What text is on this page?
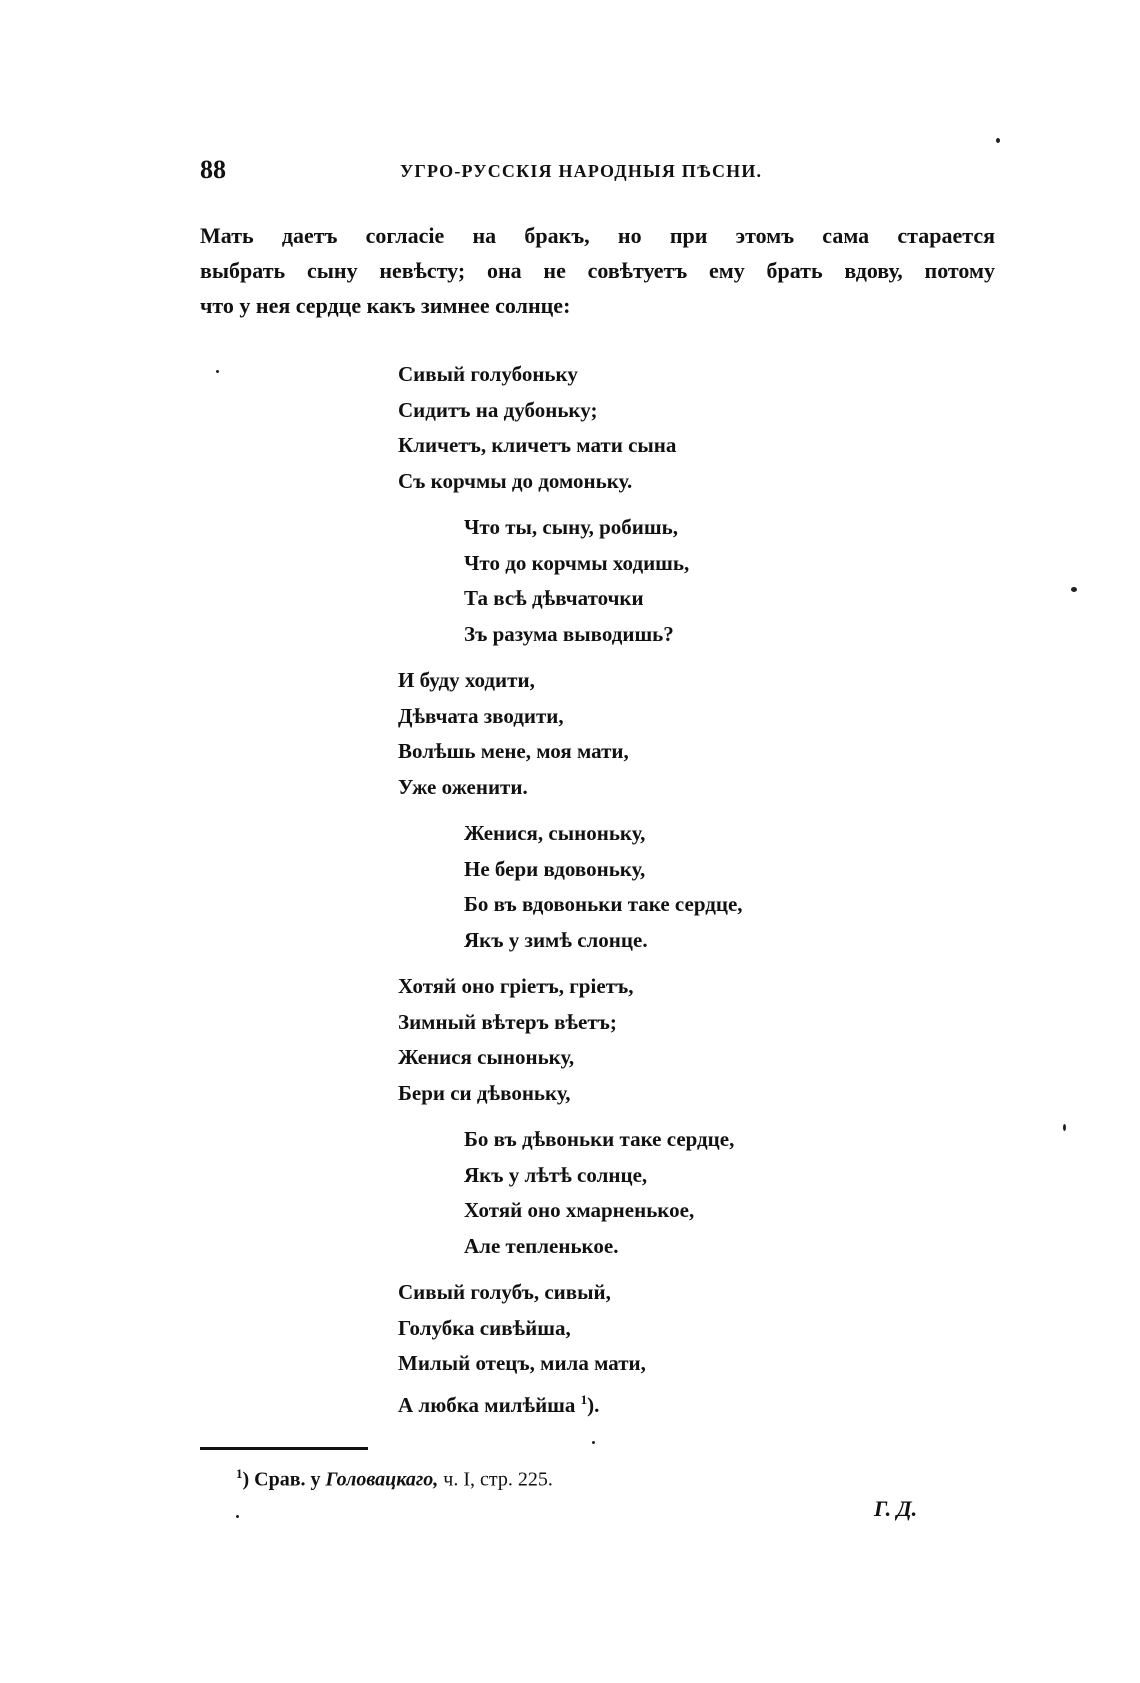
88	УГРО-РУССКІЯ НАРОДНЫЯ ПѢСНИ.
Мать даетъ согласіе на бракъ, но при этомъ сама старается
выбрать сыну невѣсту; она не совѣтуетъ ему брать вдову, потому
что у нея сердце какъ зимнее солнце:
Сивый голубоньку
Сидитъ на дубоньку;
Кличетъ, кличетъ мати сына
Съ корчмы до домоньку.
Что ты, сыну, робишь,
Что до корчмы ходишь,
Та всѣ дѣвчаточки
Зъ разума выводишь?
И буду ходити,
Дѣвчата зводити,
Волѣшь мене, моя мати,
Уже оженити.
Женися, сыноньку,
Не бери вдовоньку,
Бо въ вдовоньки таке сердце,
Якъ у зимѣ слонце.
Хотяй оно грiетъ, грiетъ,
Зимный вѣтеръ вѣетъ;
Женися сыноньку,
Бери си дѣвоньку,
Бо въ дѣвоньки таке сердце,
Якъ у лѣтѣ солнце,
Хотяй оно хмарненькое,
Але тепленькое.
Сивый голубъ, сивый,
Голубка сивѣйша,
Милый отецъ, мила мати,
А любка милѣйша $^1$).
$^1$) Срав. у Головацкаго, ч. I, стр. 225.
Г. Д.
